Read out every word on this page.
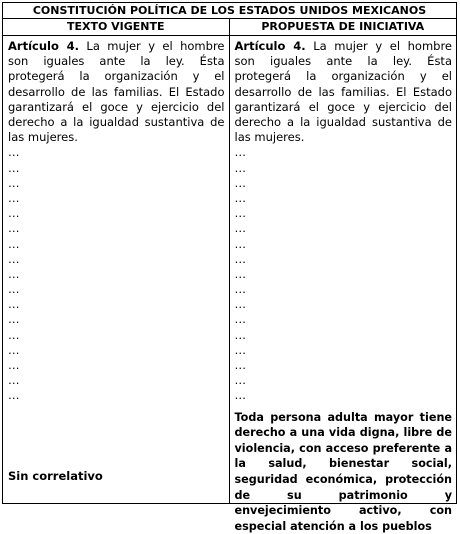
CONSTITUCIÓN POLÍTICA DE LOS ESTADOS UNIDOS MEXICANOS
TEXTO VIGENTE	PROPUESTA DE INICIATIVA

Artículo 4. La mujer y el hombre son iguales ante la ley. Ésta protegerá la organización y el desarrollo de las familias. El Estado garantizará el goce y ejercicio del derecho a la igualdad sustantiva de las mujeres.

…

…

…

…

…

…

…

…

…

…

…

…

…

…

…

…

…

Sin correlativo

Artículo 4. La mujer y el hombre son iguales ante la ley. Ésta protegerá la organización y el desarrollo de las familias. El Estado garantizará el goce y ejercicio del derecho a la igualdad sustantiva de las mujeres.

…

…

…

…

…

…

…

…

…

…

…

…

…

…

…

…

…

Toda persona adulta mayor tiene derecho a una vida digna, libre de violencia, con acceso preferente a la salud, bienestar social, seguridad económica, protección de su patrimonio y envejecimiento activo, con especial atención a los pueblos
